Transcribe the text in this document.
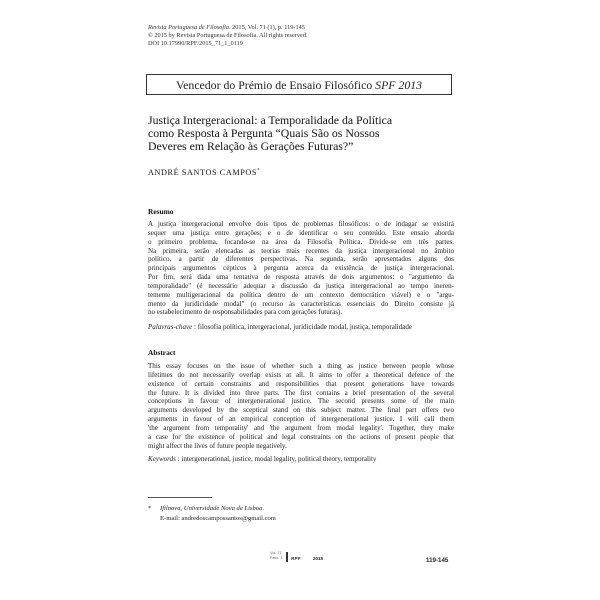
Revista Portuguesa de Filosofia. 2015, Vol. 71 (1), p. 119-145
© 2015 by Revista Portuguesa de Filosofia. All rights reserved.
DOI 10.17990/RPF/2015_71_1_0119
Vencedor do Prémio de Ensaio Filosófico SPF 2013
Justiça Intergeracional: a Temporalidade da Política
como Resposta à Pergunta “Quais São os Nossos
Deveres em Relação às Gerações Futuras?”
ANDRÉ SANTOS CAMPOS*
Resumo
A justiça intergeracional envolve dois tipos de problemas filosóficos: o de indagar se existirá
sequer uma justiça entre gerações; e o de identificar o seu conteúdo. Este ensaio aborda
o primeiro problema, focando-se na área da Filosofia Política. Divide-se em três partes.
Na primeira, serão elencadas as teorias mais recentes da justiça intergeracional no âmbito
político, a partir de diferentes perspectivas. Na segunda, serão apresentados alguns dos
principais argumentos cépticos à pergunta acerca da existência de justiça intergeracional.
Por fim, será dada uma tentativa de resposta através de dois argumentos: o "argumento da
temporalidade" (é necessário adequar a discussão da justiça intergeracional ao tempo ineren-
temente multigeracional da política dentro de um contexto democrático viável) e o "argu-
mento da juridicidade modal" (o recurso às características essenciais do Direito consiste já
no estabelecimento de responsabilidades para com gerações futuras).
Palavras-chave : filosofia política, intergeracional, juridicidade modal, justiça, temporalidade
Abstract
This essay focuses on the issue of whether such a thing as justice between people whose
lifetimes do not necessarily overlap exists at all. It aims to offer a theoretical defence of the
existence of certain constraints and responsibilities that present generations have towards
the future. It is divided into three parts. The first contains a brief presentation of the several
conceptions in favour of intergenerational justice. The second presents some of the main
arguments developed by the sceptical stand on this subject matter. The final part offers two
arguments in favour of an empirical conception of intergenerational justice. I will call them
'the argument from temporality' and 'the argument from modal legality'. Together, they make
a case for the existence of political and legal constraints on the actions of present people that
might affect the lives of future people negatively.
Keywords : intergenerational, justice, modal legality, political theory, temporality
* Ifilnova, Universidade Nova de Lisboa.
E-mail: andredoscampossantos@gmail.com
Vol. 71
Fasc. 1 RPF	2015	119-145
